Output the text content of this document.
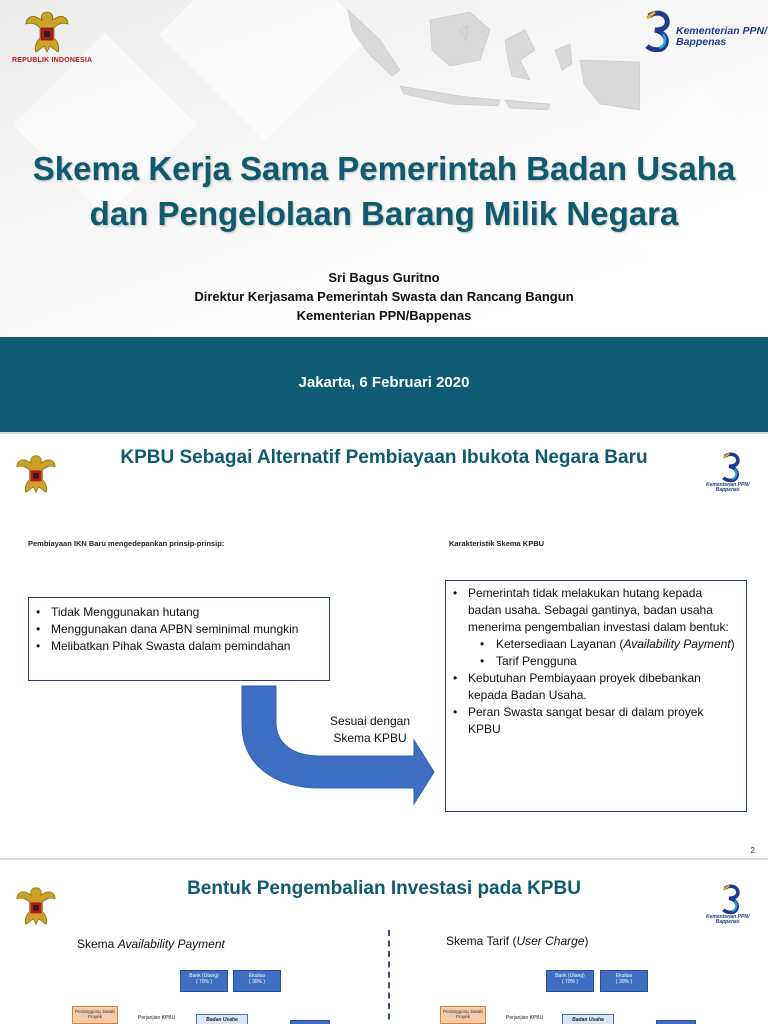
REPUBLIK INDONESIA
Kementerian PPN/
Bappenas
Skema Kerja Sama Pemerintah Badan Usaha
dan Pengelolaan Barang Milik Negara
Sri Bagus Guritno
Direktur Kerjasama Pemerintah Swasta dan Rancang Bangun
Kementerian PPN/Bappenas
Jakarta, 6 Februari 2020
KPBU Sebagai Alternatif Pembiayaan Ibukota Negara Baru
Kementerian PPN/
Bappenas
Pembiayaan IKN Baru mengedepankan prinsip-prinsip:	Karakteristik Skema KPBU
• Tidak Menggunakan hutang
• Menggunakan dana APBN seminimal mungkin
• Melibatkan Pihak Swasta dalam pemindahan
Sesuai dengan
Skema KPBU
• Pemerintah tidak melakukan hutang kepada badan usaha. Sebagai gantinya, badan usaha menerima pengembalian investasi dalam bentuk:
• Ketersediaan Layanan (Availability Payment)
• Tarif Pengguna
• Kebutuhan Pembiayaan proyek dibebankan kepada Badan Usaha.
• Peran Swasta sangat besar di dalam proyek KPBU
2
Bentuk Pengembalian Investasi pada KPBU
Kementerian PPN/
Bappenas
Skema Availability Payment	Skema Tarif (User Charge)
Bank (Utang)
( 70% )
Ekuitas
( 30% )
Penanggung Jawab Proyek	Perjanjian KPBU	Badan Usaha
Bank (Utang)
( 70% )
Ekuitas
( 30% )
Penanggung Jawab Proyek	Perjanjian KPBU	Badan Usaha
